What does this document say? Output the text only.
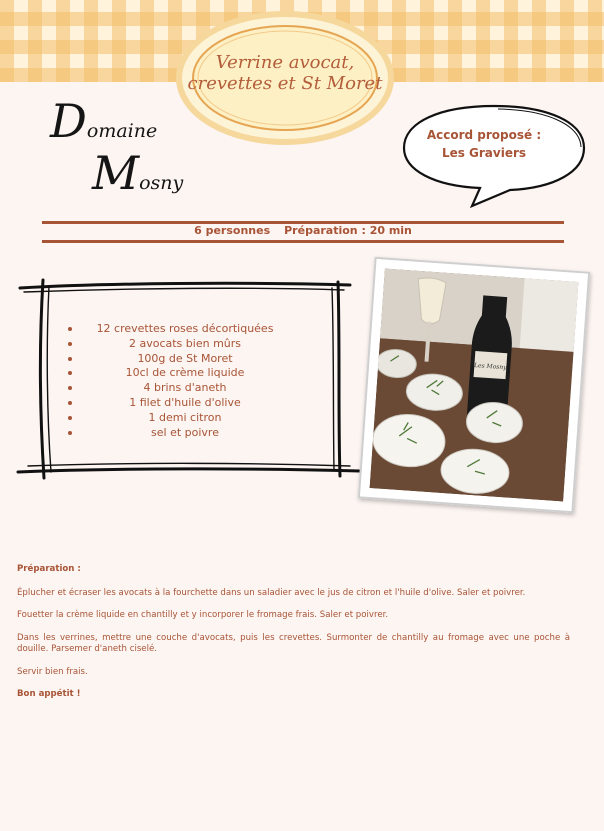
Verrine avocat,
crevettes et St Moret
Domaine
Mosny
Accord proposé :
Les Graviers
6 personnes Préparation : 20 min
12 crevettes roses décortiquées
2 avocats bien mûrs
100g de St Moret
10cl de crème liquide
4 brins d'aneth
1 filet d'huile d'olive
1 demi citron
sel et poivre
Les Mosny

Préparation :

Éplucher et écraser les avocats à la fourchette dans un saladier avec le jus de citron et l'huile d'olive. Saler et poivrer.

Fouetter la crème liquide en chantilly et y incorporer le fromage frais. Saler et poivrer.

Dans les verrines, mettre une couche d'avocats, puis les crevettes. Surmonter de chantilly au fromage avec une poche à douille. Parsemer d'aneth ciselé.

Servir bien frais.

Bon appétit !
